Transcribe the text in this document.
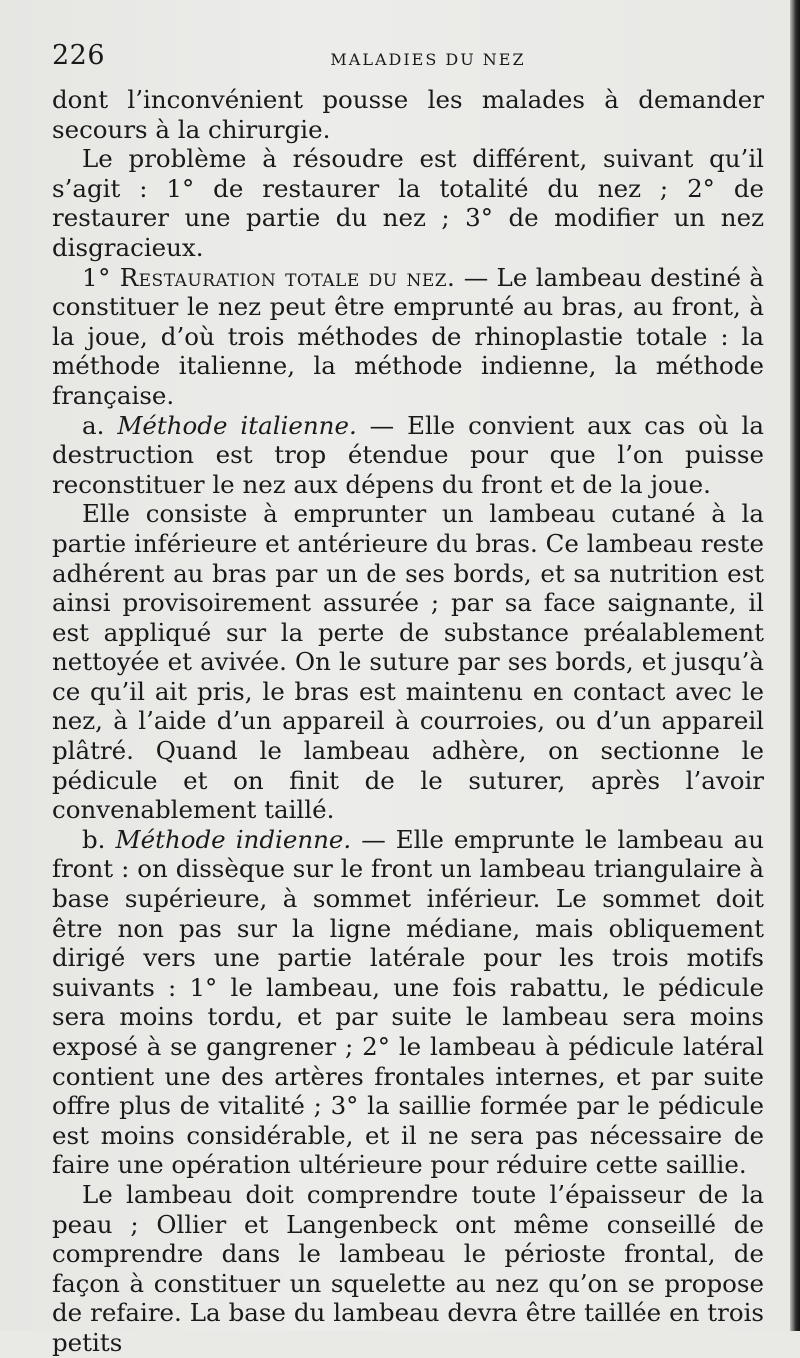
226	MALADIES DU NEZ

dont l’inconvénient pousse les malades à demander secours à la chirurgie.

Le problème à résoudre est différent, suivant qu’il s’agit : 1° de restaurer la totalité du nez ; 2° de restaurer une partie du nez ; 3° de modifier un nez disgracieux.

1° Restauration totale du nez. — Le lambeau destiné à constituer le nez peut être emprunté au bras, au front, à la joue, d’où trois méthodes de rhinoplastie totale : la méthode italienne, la méthode indienne, la méthode française.

a. Méthode italienne. — Elle convient aux cas où la destruction est trop étendue pour que l’on puisse reconstituer le nez aux dépens du front et de la joue.

Elle consiste à emprunter un lambeau cutané à la partie inférieure et antérieure du bras. Ce lambeau reste adhérent au bras par un de ses bords, et sa nutrition est ainsi provisoirement assurée ; par sa face saignante, il est appliqué sur la perte de substance préalablement nettoyée et avivée. On le suture par ses bords, et jusqu’à ce qu’il ait pris, le bras est maintenu en contact avec le nez, à l’aide d’un appareil à courroies, ou d’un appareil plâtré. Quand le lambeau adhère, on sectionne le pédicule et on finit de le suturer, après l’avoir convenablement taillé.

b. Méthode indienne. — Elle emprunte le lambeau au front : on dissèque sur le front un lambeau triangulaire à base supérieure, à sommet inférieur. Le sommet doit être non pas sur la ligne médiane, mais obliquement dirigé vers une partie latérale pour les trois motifs suivants : 1° le lambeau, une fois rabattu, le pédicule sera moins tordu, et par suite le lambeau sera moins exposé à se gangrener ; 2° le lambeau à pédicule latéral contient une des artères frontales internes, et par suite offre plus de vitalité ; 3° la saillie formée par le pédicule est moins considérable, et il ne sera pas nécessaire de faire une opération ultérieure pour réduire cette saillie.

Le lambeau doit comprendre toute l’épaisseur de la peau ; Ollier et Langenbeck ont même conseillé de comprendre dans le lambeau le périoste frontal, de façon à constituer un squelette au nez qu’on se propose de refaire. La base du lambeau devra être taillée en trois petits
